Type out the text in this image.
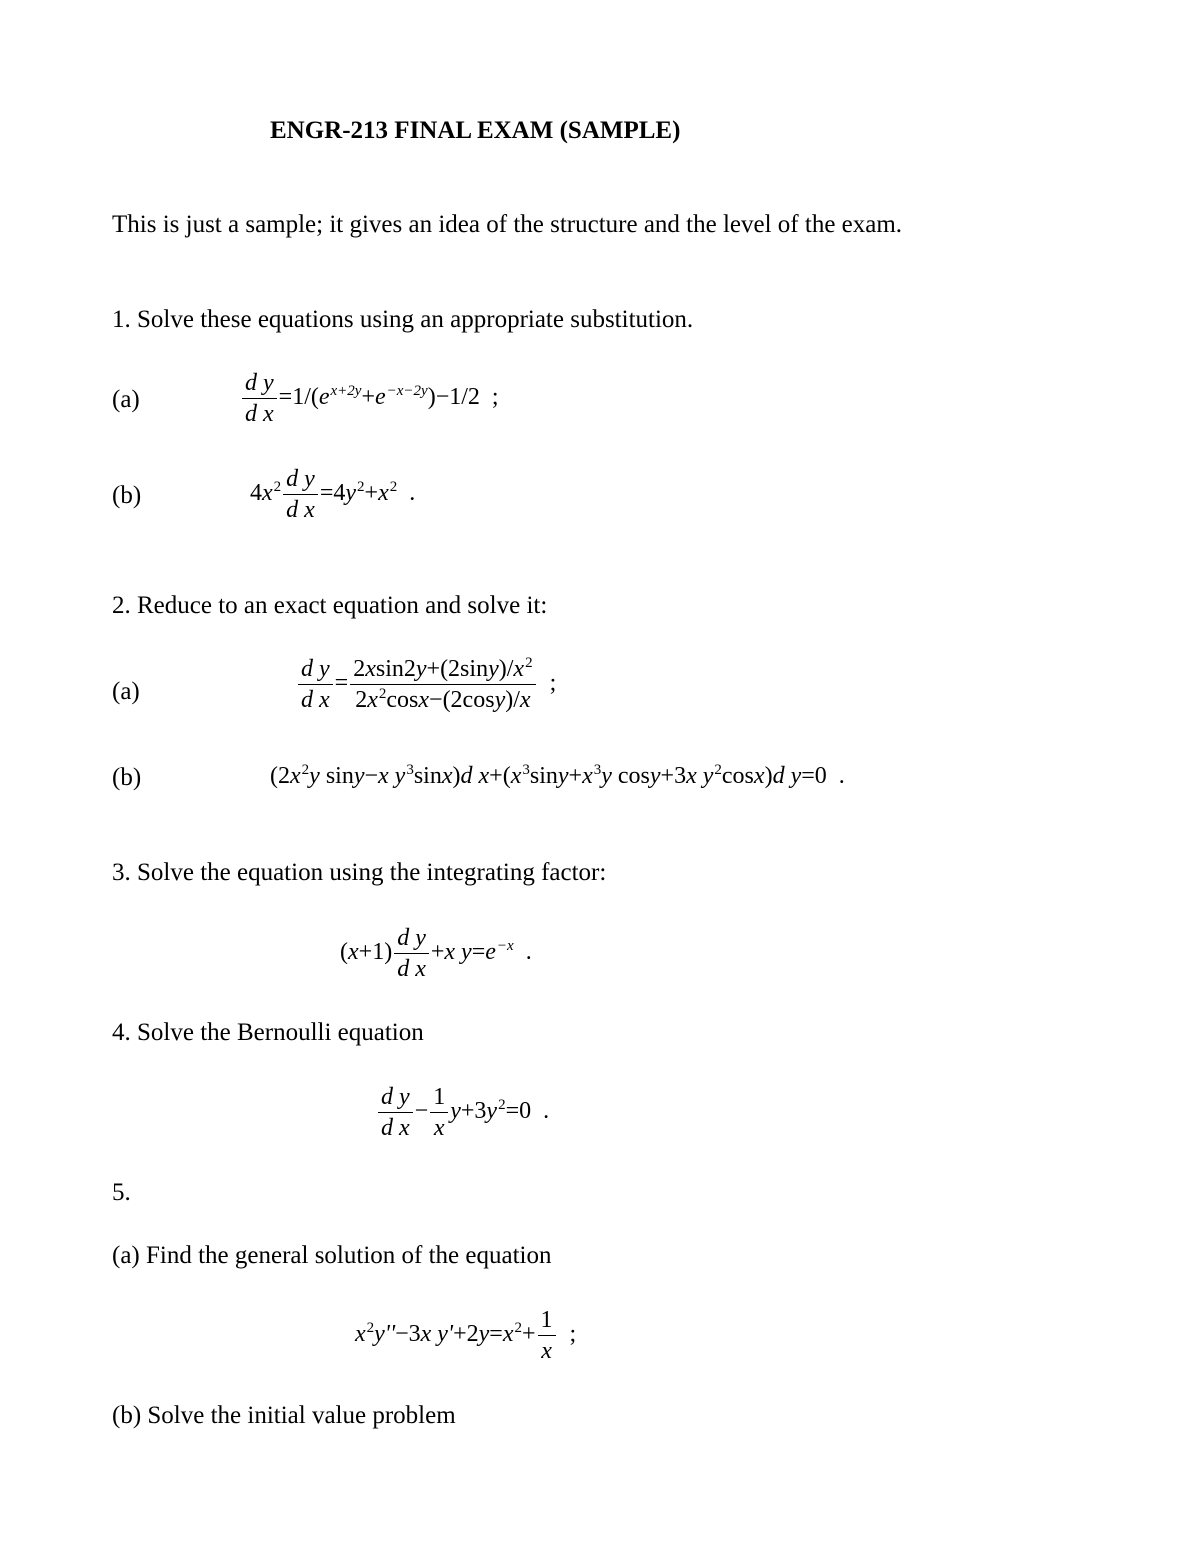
ENGR-213 FINAL EXAM (SAMPLE)
This is just a sample; it gives an idea of the structure and the level of the exam.
1. Solve these equations using an appropriate substitution.
(a)	$\frac{\text{d y}}{\text{d x}} =1/(e^{x+2y}+e^{-x-2y})-1/2$  ;
(b)	$4x^2 \frac{\text{d y}}{\text{d x}} =4y^2+x^2$  .
2. Reduce to an exact equation and solve it:
(a)	$\frac{\text{d y}}{\text{d x}} = \frac{2xsin2y+(2\sin y)/x^2}{2x^2\cos x-(2\cos y)/x}$ ;
(b)	($2x^2y$ siny−x $y^3\sin x)d$ $x+(x^3\sin y+x^3y$ cosy+3x $y^2\cos x)d$ y=0  .
3. Solve the equation using the integrating factor:
$(x+1) \frac{\text{d y}}{\text{d x}} +x$ $y=e^{-x}$  .
4. Solve the Bernoulli equation
$\frac{\text{d y}}{\text{d x}} - \frac{1}{x} y+3y^2=0$  .
5.
(a) Find the general solution of the equation
$x^2y''-3x$ $y'+2y=x^2+ \frac{1}{x}$ ;
(b) Solve the initial value problem
